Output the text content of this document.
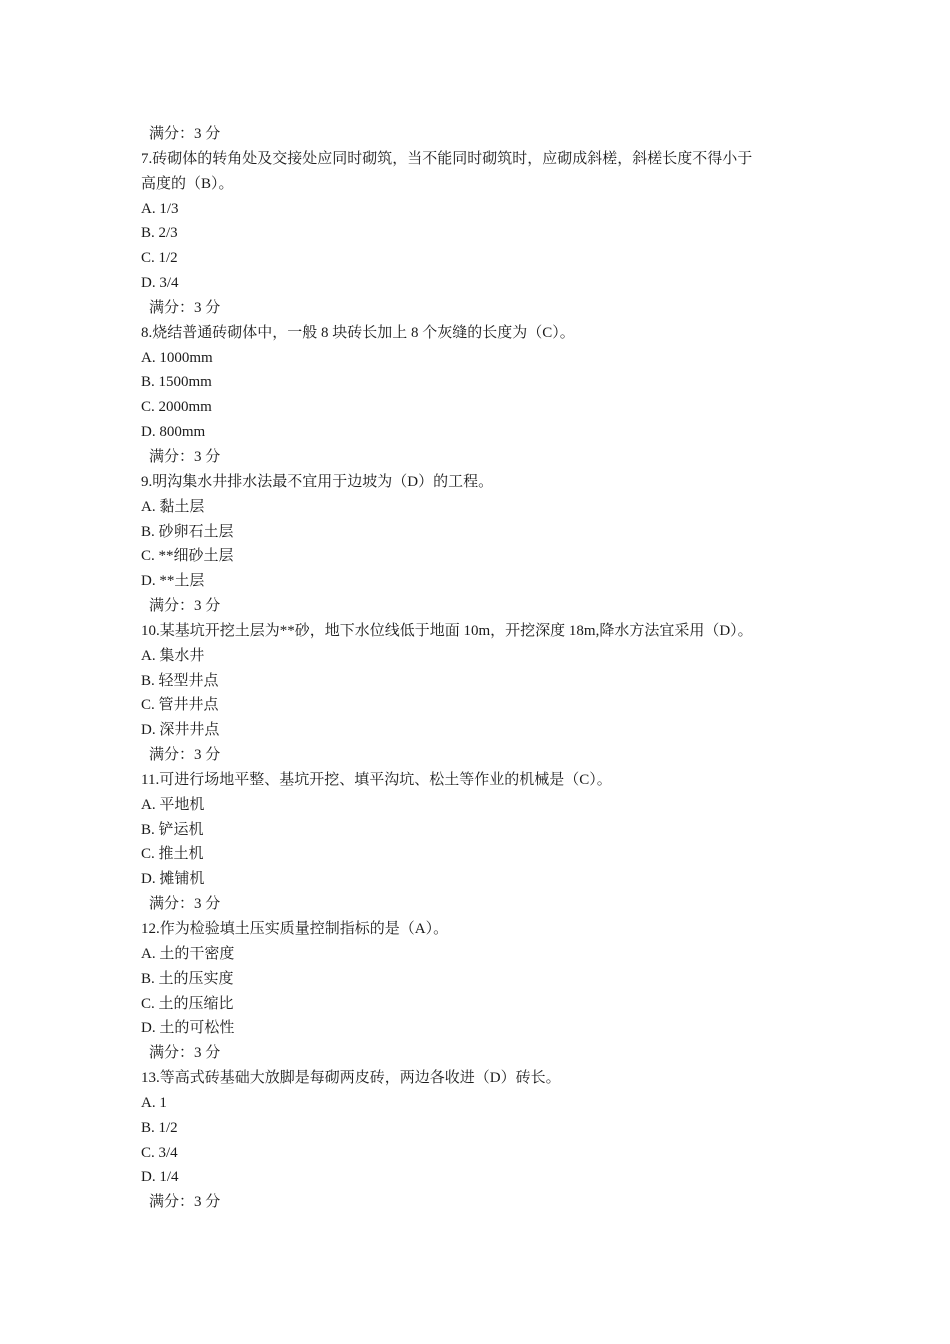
满分：3 分
7.砖砌体的转角处及交接处应同时砌筑，当不能同时砌筑时，应砌成斜槎，斜槎长度不得小于
高度的（B）。
A. 1/3
B. 2/3
C. 1/2
D. 3/4
满分：3 分
8.烧结普通砖砌体中，一般 8 块砖长加上 8 个灰缝的长度为（C）。
A. 1000mm
B. 1500mm
C. 2000mm
D. 800mm
满分：3 分
9.明沟集水井排水法最不宜用于边坡为（D）的工程。
A. 黏土层
B. 砂卵石土层
C. **细砂土层
D. **土层
满分：3 分
10.某基坑开挖土层为**砂，地下水位线低于地面 10m，开挖深度 18m,降水方法宜采用（D）。
A. 集水井
B. 轻型井点
C. 管井井点
D. 深井井点
满分：3 分
11.可进行场地平整、基坑开挖、填平沟坑、松土等作业的机械是（C）。
A. 平地机
B. 铲运机
C. 推土机
D. 摊铺机
满分：3 分
12.作为检验填土压实质量控制指标的是（A）。
A. 土的干密度
B. 土的压实度
C. 土的压缩比
D. 土的可松性
满分：3 分
13.等高式砖基础大放脚是每砌两皮砖，两边各收进（D）砖长。
A. 1
B. 1/2
C. 3/4
D. 1/4
满分：3 分
